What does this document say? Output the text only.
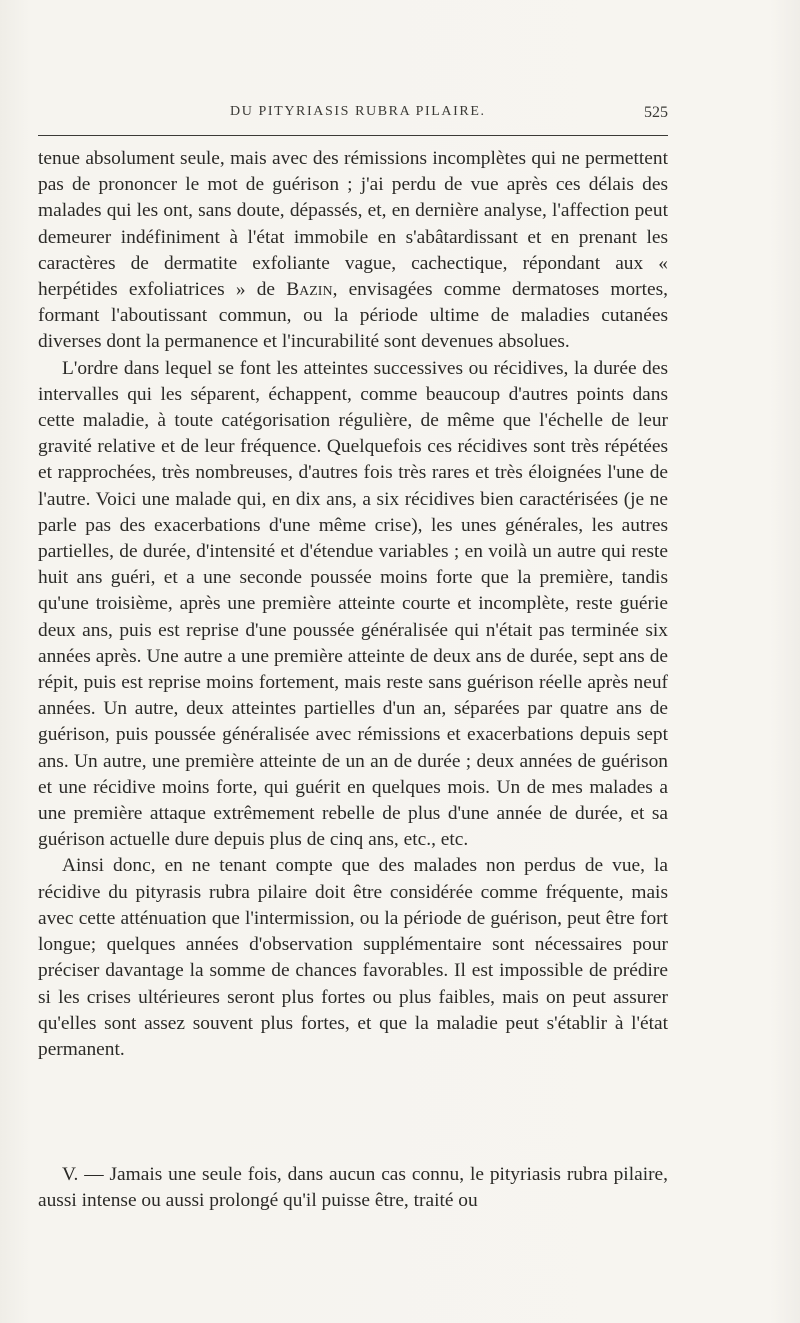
DU PITYRIASIS RUBRA PILAIRE.	525

tenue absolument seule, mais avec des rémissions incomplètes qui ne permettent pas de prononcer le mot de guérison ; j'ai perdu de vue après ces délais des malades qui les ont, sans doute, dépassés, et, en dernière analyse, l'affection peut demeurer indéfiniment à l'état immobile en s'abâtardissant et en prenant les caractères de dermatite exfoliante vague, cachectique, répondant aux « herpétides exfoliatrices » de Bazin, envisagées comme dermatoses mortes, formant l'aboutissant commun, ou la période ultime de maladies cutanées diverses dont la permanence et l'incurabilité sont devenues absolues.

L'ordre dans lequel se font les atteintes successives ou récidives, la durée des intervalles qui les séparent, échappent, comme beaucoup d'autres points dans cette maladie, à toute catégorisation régulière, de même que l'échelle de leur gravité relative et de leur fréquence. Quelquefois ces récidives sont très répétées et rapprochées, très nombreuses, d'autres fois très rares et très éloignées l'une de l'autre. Voici une malade qui, en dix ans, a six récidives bien caractérisées (je ne parle pas des exacerbations d'une même crise), les unes générales, les autres partielles, de durée, d'intensité et d'étendue variables ; en voilà un autre qui reste huit ans guéri, et a une seconde poussée moins forte que la première, tandis qu'une troisième, après une première atteinte courte et incomplète, reste guérie deux ans, puis est reprise d'une poussée généralisée qui n'était pas terminée six années après. Une autre a une première atteinte de deux ans de durée, sept ans de répit, puis est reprise moins fortement, mais reste sans guérison réelle après neuf années. Un autre, deux atteintes partielles d'un an, séparées par quatre ans de guérison, puis poussée généralisée avec rémissions et exacerbations depuis sept ans. Un autre, une première atteinte de un an de durée ; deux années de guérison et une récidive moins forte, qui guérit en quelques mois. Un de mes malades a une première attaque extrêmement rebelle de plus d'une année de durée, et sa guérison actuelle dure depuis plus de cinq ans, etc., etc.

Ainsi donc, en ne tenant compte que des malades non perdus de vue, la récidive du pityrasis rubra pilaire doit être considérée comme fréquente, mais avec cette atténuation que l'intermission, ou la période de guérison, peut être fort longue; quelques années d'observation supplémentaire sont nécessaires pour préciser davantage la somme de chances favorables. Il est impossible de prédire si les crises ultérieures seront plus fortes ou plus faibles, mais on peut assurer qu'elles sont assez souvent plus fortes, et que la maladie peut s'établir à l'état permanent.

V. — Jamais une seule fois, dans aucun cas connu, le pityriasis rubra pilaire, aussi intense ou aussi prolongé qu'il puisse être, traité ou
